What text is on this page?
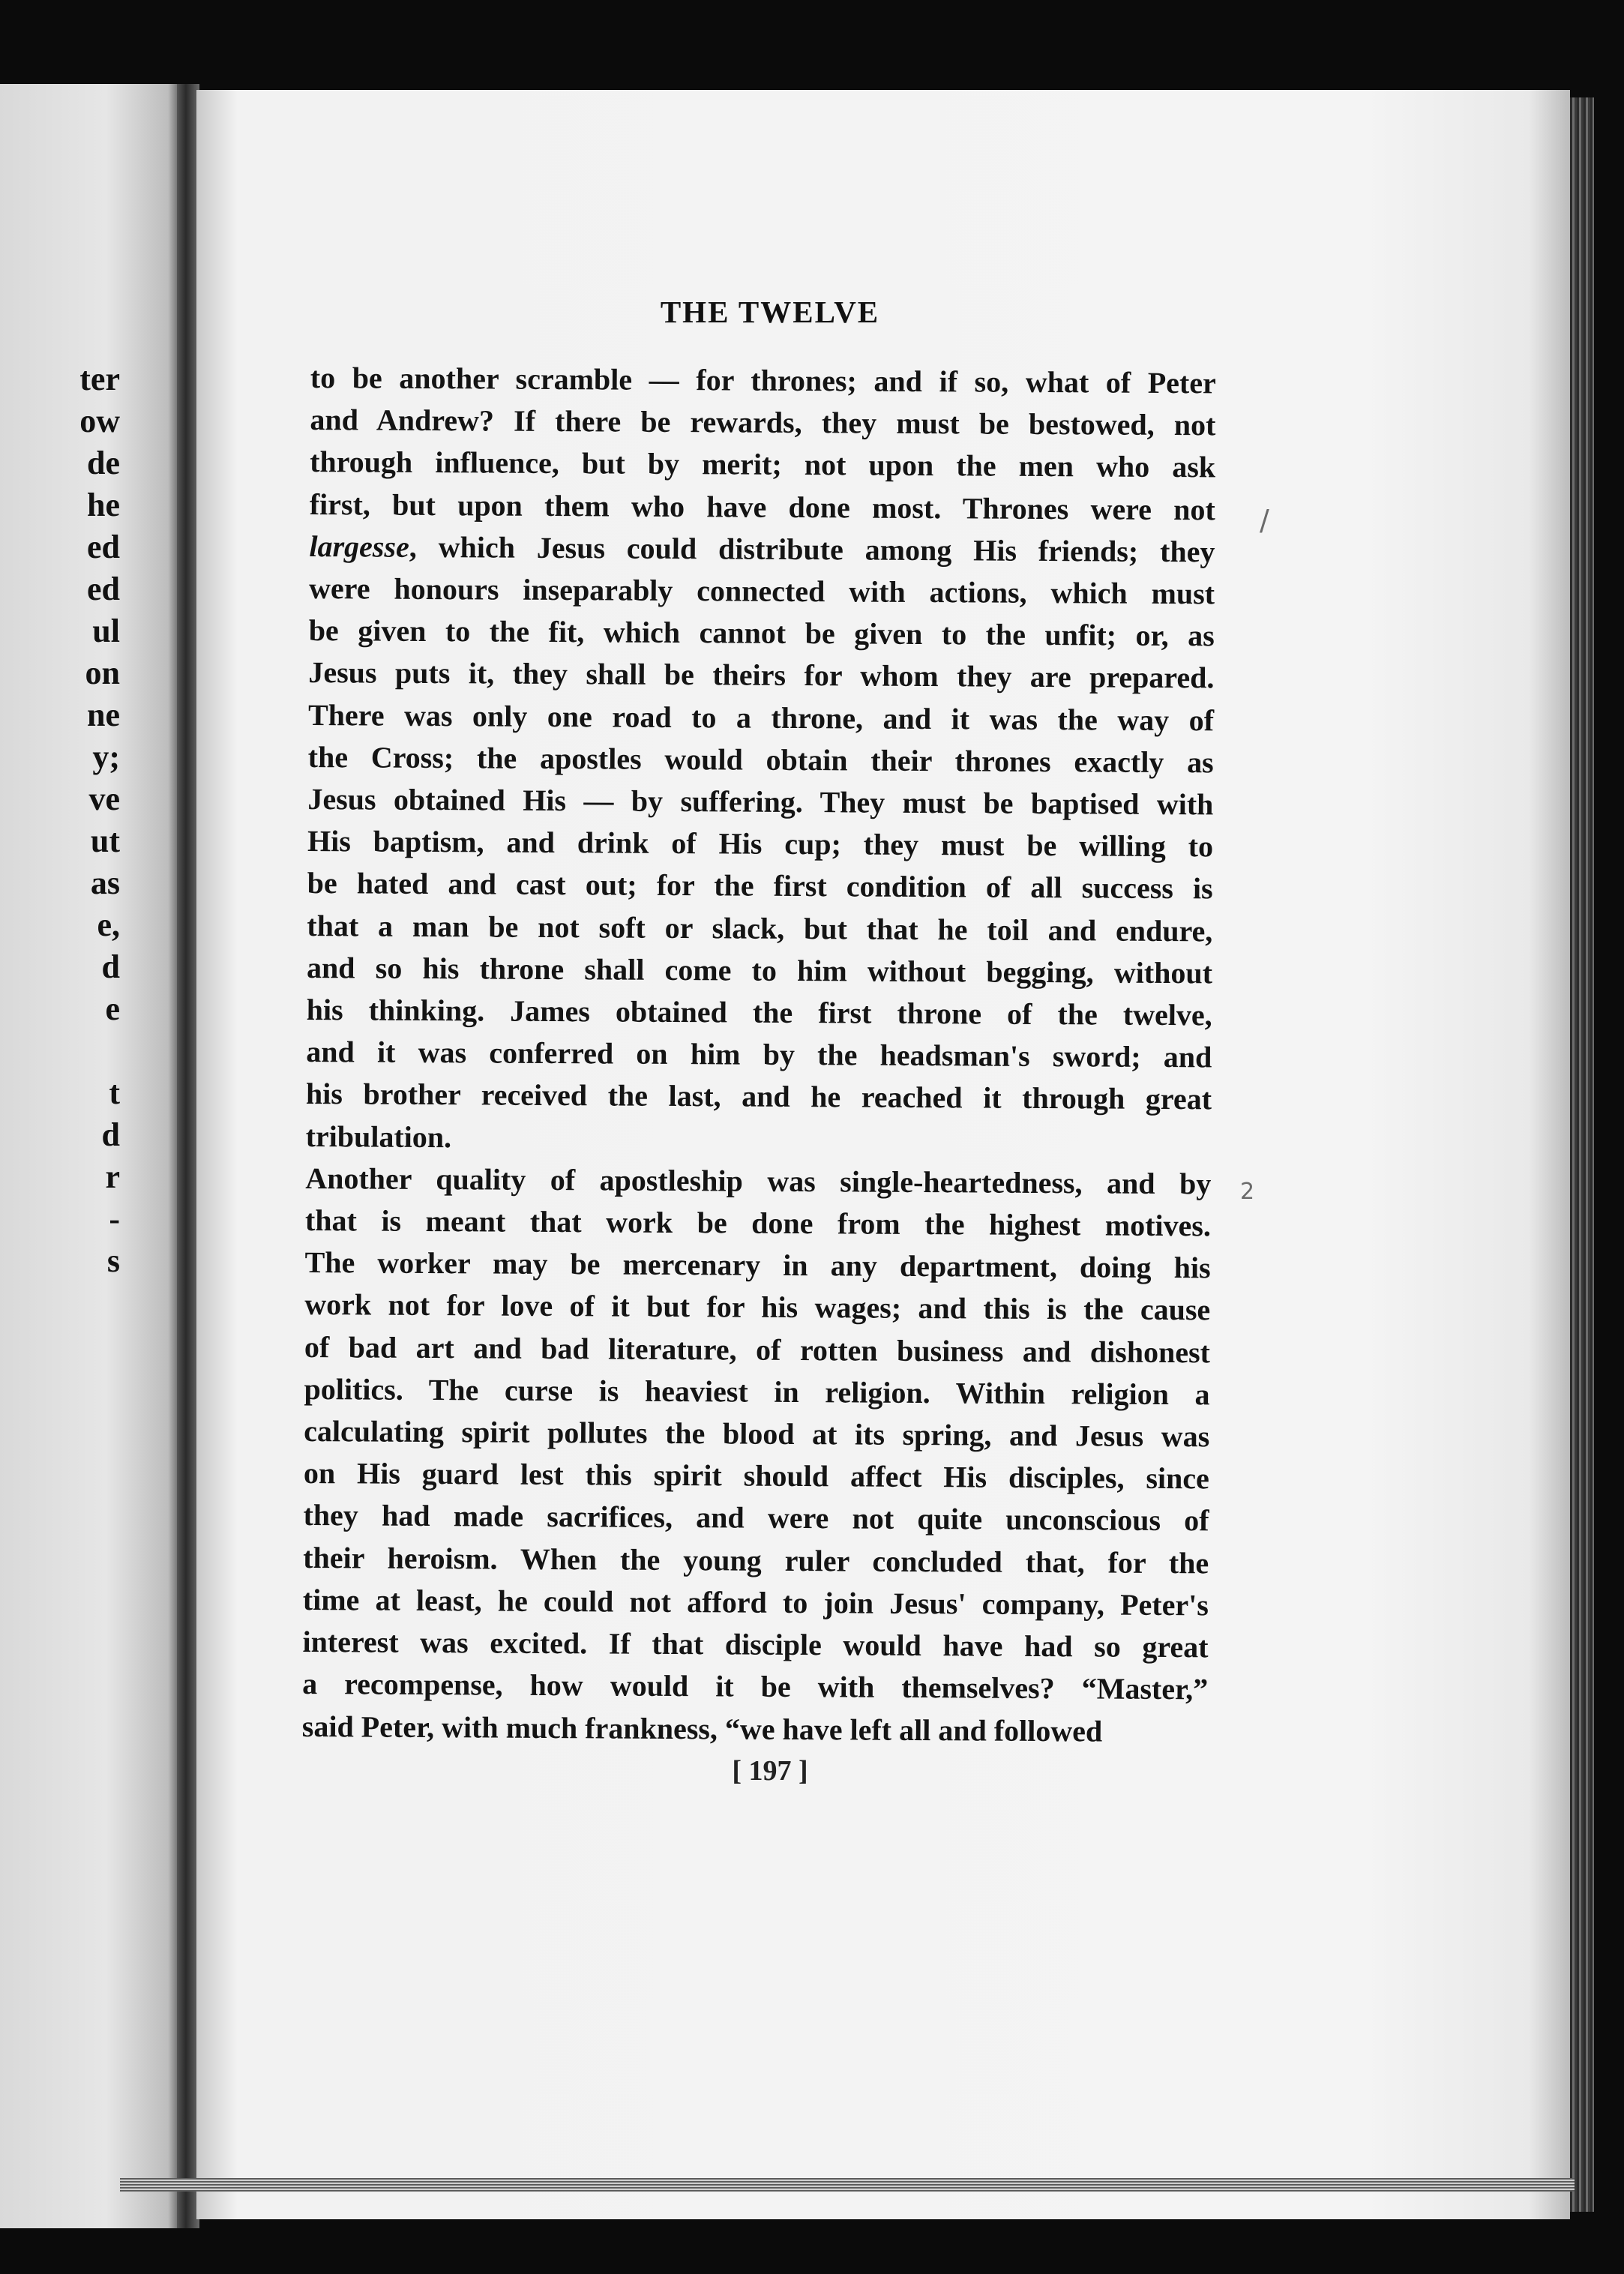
ter
ow
de
he
ed
ed
ul
on
ne
y;
ve
ut
as
e,
d
e
t
d
r
-
s
THE TWELVE
to be another scramble — for thrones; and if so, what of Peter
and Andrew? If there be rewards, they must be bestowed, not
through influence, but by merit; not upon the men who ask
first, but upon them who have done most. Thrones were not
largesse, which Jesus could distribute among His friends; they
were honours inseparably connected with actions, which must
be given to the fit, which cannot be given to the unfit; or, as
Jesus puts it, they shall be theirs for whom they are prepared.
There was only one road to a throne, and it was the way of
the Cross; the apostles would obtain their thrones exactly as
Jesus obtained His — by suffering. They must be baptised with
His baptism, and drink of His cup; they must be willing to
be hated and cast out; for the first condition of all success is
that a man be not soft or slack, but that he toil and endure,
and so his throne shall come to him without begging, without
his thinking. James obtained the first throne of the twelve,
and it was conferred on him by the headsman's sword; and
his brother received the last, and he reached it through great
tribulation.
Another quality of apostleship was single-heartedness, and by
that is meant that work be done from the highest motives.
The worker may be mercenary in any department, doing his
work not for love of it but for his wages; and this is the cause
of bad art and bad literature, of rotten business and dishonest
politics. The curse is heaviest in religion. Within religion a
calculating spirit pollutes the blood at its spring, and Jesus was
on His guard lest this spirit should affect His disciples, since
they had made sacrifices, and were not quite unconscious of
their heroism. When the young ruler concluded that, for the
time at least, he could not afford to join Jesus' company, Peter's
interest was excited. If that disciple would have had so great
a recompense, how would it be with themselves? “Master,”
said Peter, with much frankness, “we have left all and followed
[ 197 ]
/
2
